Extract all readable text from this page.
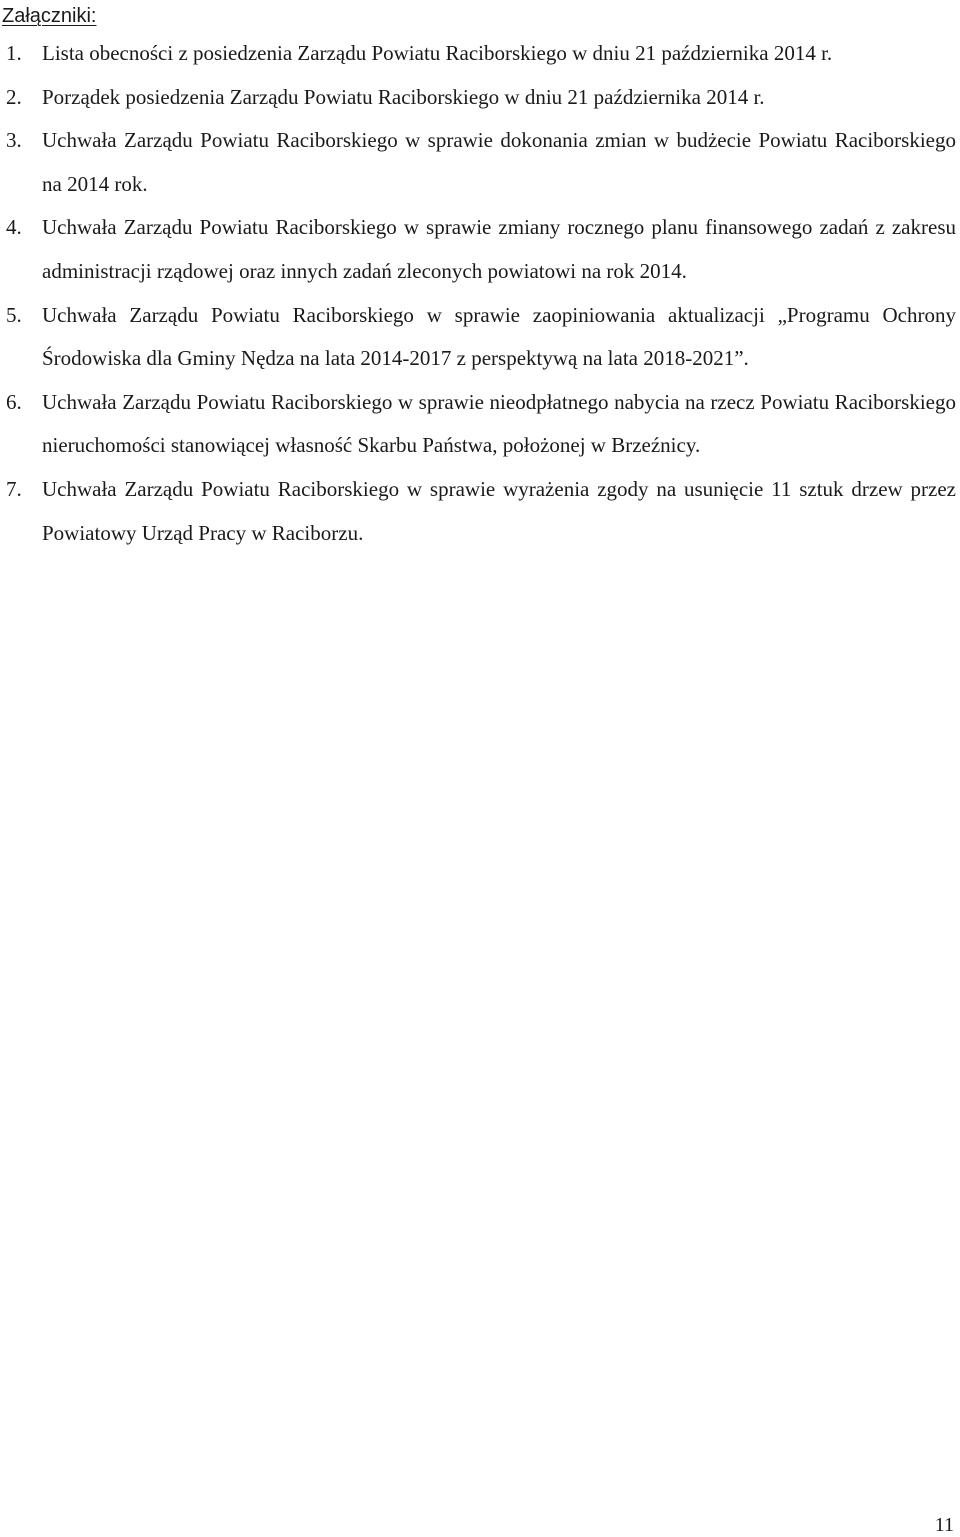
Załączniki:
1. Lista obecności z posiedzenia Zarządu Powiatu Raciborskiego w dniu 21 października 2014 r.
2. Porządek posiedzenia Zarządu Powiatu Raciborskiego w dniu 21 października 2014 r.
3. Uchwała Zarządu Powiatu Raciborskiego w sprawie dokonania zmian w budżecie Powiatu Raciborskiego na 2014 rok.
4. Uchwała Zarządu Powiatu Raciborskiego w sprawie zmiany rocznego planu finansowego zadań z zakresu administracji rządowej oraz innych zadań zleconych powiatowi na rok 2014.
5. Uchwała Zarządu Powiatu Raciborskiego w sprawie zaopiniowania aktualizacji „Programu Ochrony Środowiska dla Gminy Nędza na lata 2014-2017 z perspektywą na lata 2018-2021”.
6. Uchwała Zarządu Powiatu Raciborskiego w sprawie nieodpłatnego nabycia na rzecz Powiatu Raciborskiego nieruchomości stanowiącej własność Skarbu Państwa, położonej w Brzeźnicy.
7. Uchwała Zarządu Powiatu Raciborskiego w sprawie wyrażenia zgody na usunięcie 11 sztuk drzew przez Powiatowy Urząd Pracy w Raciborzu.
11
